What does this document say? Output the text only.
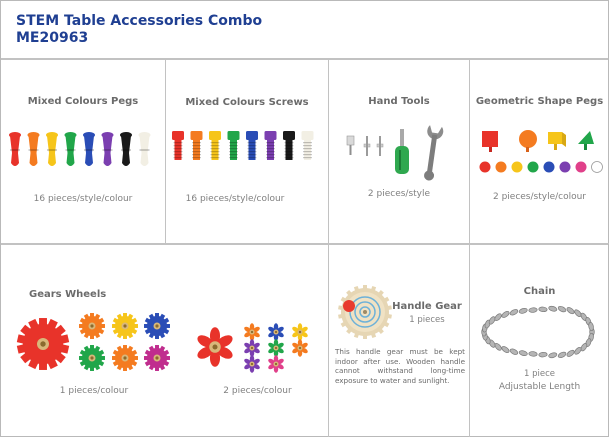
STEM Table Accessories Combo
ME20963
Mixed Colours Pegs
16 pieces/style/colour
Mixed Colours Screws
16 pieces/style/colour
Hand Tools
2 pieces/style
Geometric Shape Pegs
2 pieces/style/colour
Gears Wheels
1 pieces/colour	2 pieces/colour
Handle Gear
1 pieces
This handle gear must be kept indoor after use. Wooden handle cannot withstand long-time exposure to water and sunlight.
Chain
1 piece
Adjustable Length
